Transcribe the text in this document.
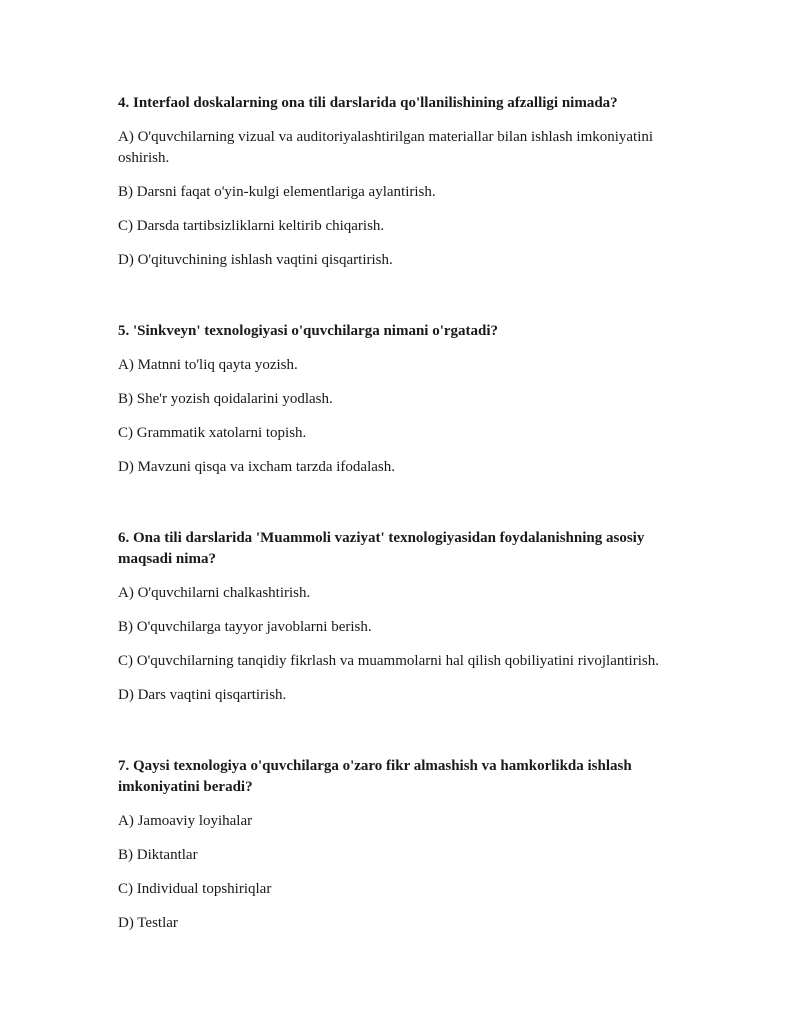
4. Interfaol doskalarning ona tili darslarida qo'llanilishining afzalligi nimada?

A) O'quvchilarning vizual va auditoriyalashtirilgan materiallar bilan ishlash imkoniyatini oshirish.

B) Darsni faqat o'yin-kulgi elementlariga aylantirish.

C) Darsda tartibsizliklarni keltirib chiqarish.

D) O'qituvchining ishlash vaqtini qisqartirish.

5. 'Sinkveyn' texnologiyasi o'quvchilarga nimani o'rgatadi?

A) Matnni to'liq qayta yozish.

B) She'r yozish qoidalarini yodlash.

C) Grammatik xatolarni topish.

D) Mavzuni qisqa va ixcham tarzda ifodalash.

6. Ona tili darslarida 'Muammoli vaziyat' texnologiyasidan foydalanishning asosiy maqsadi nima?

A) O'quvchilarni chalkashtirish.

B) O'quvchilarga tayyor javoblarni berish.

C) O'quvchilarning tanqidiy fikrlash va muammolarni hal qilish qobiliyatini rivojlantirish.

D) Dars vaqtini qisqartirish.

7. Qaysi texnologiya o'quvchilarga o'zaro fikr almashish va hamkorlikda ishlash imkoniyatini beradi?

A) Jamoaviy loyihalar

B) Diktantlar

C) Individual topshiriqlar

D) Testlar
